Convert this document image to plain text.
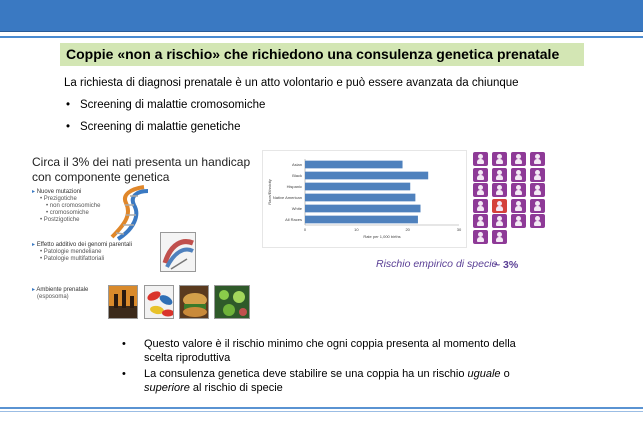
Coppie «non a rischio» che richiedono una consulenza genetica prenatale
La richiesta di diagnosi prenatale è un atto volontario e può essere avanzata da chiunque
• Screening di malattie cromosomiche
• Screening di malattie genetiche
Circa il 3% dei nati presenta un handicap con componente genetica
▸ Nuove mutazioni
• Prezigotiche
• non cromosomiche
• cromosomiche
• Postzigotiche
▸ Effetto additivo dei genomi parentali
• Patologie mendeliane
• Patologie multifattoriali
▸ Ambiente prenatale
(esposoma)
Asian
Black
Hispanic
Native American
White
All Races
0	10	20	30
Rate per 1,000 births
Race/Ethnicity
Rischio empirico di specie
~ 3%
• Questo valore è il rischio minimo che ogni coppia presenta al momento della scelta riproduttiva
• La consulenza genetica deve stabilire se una coppia ha un rischio uguale o superiore al rischio di specie
